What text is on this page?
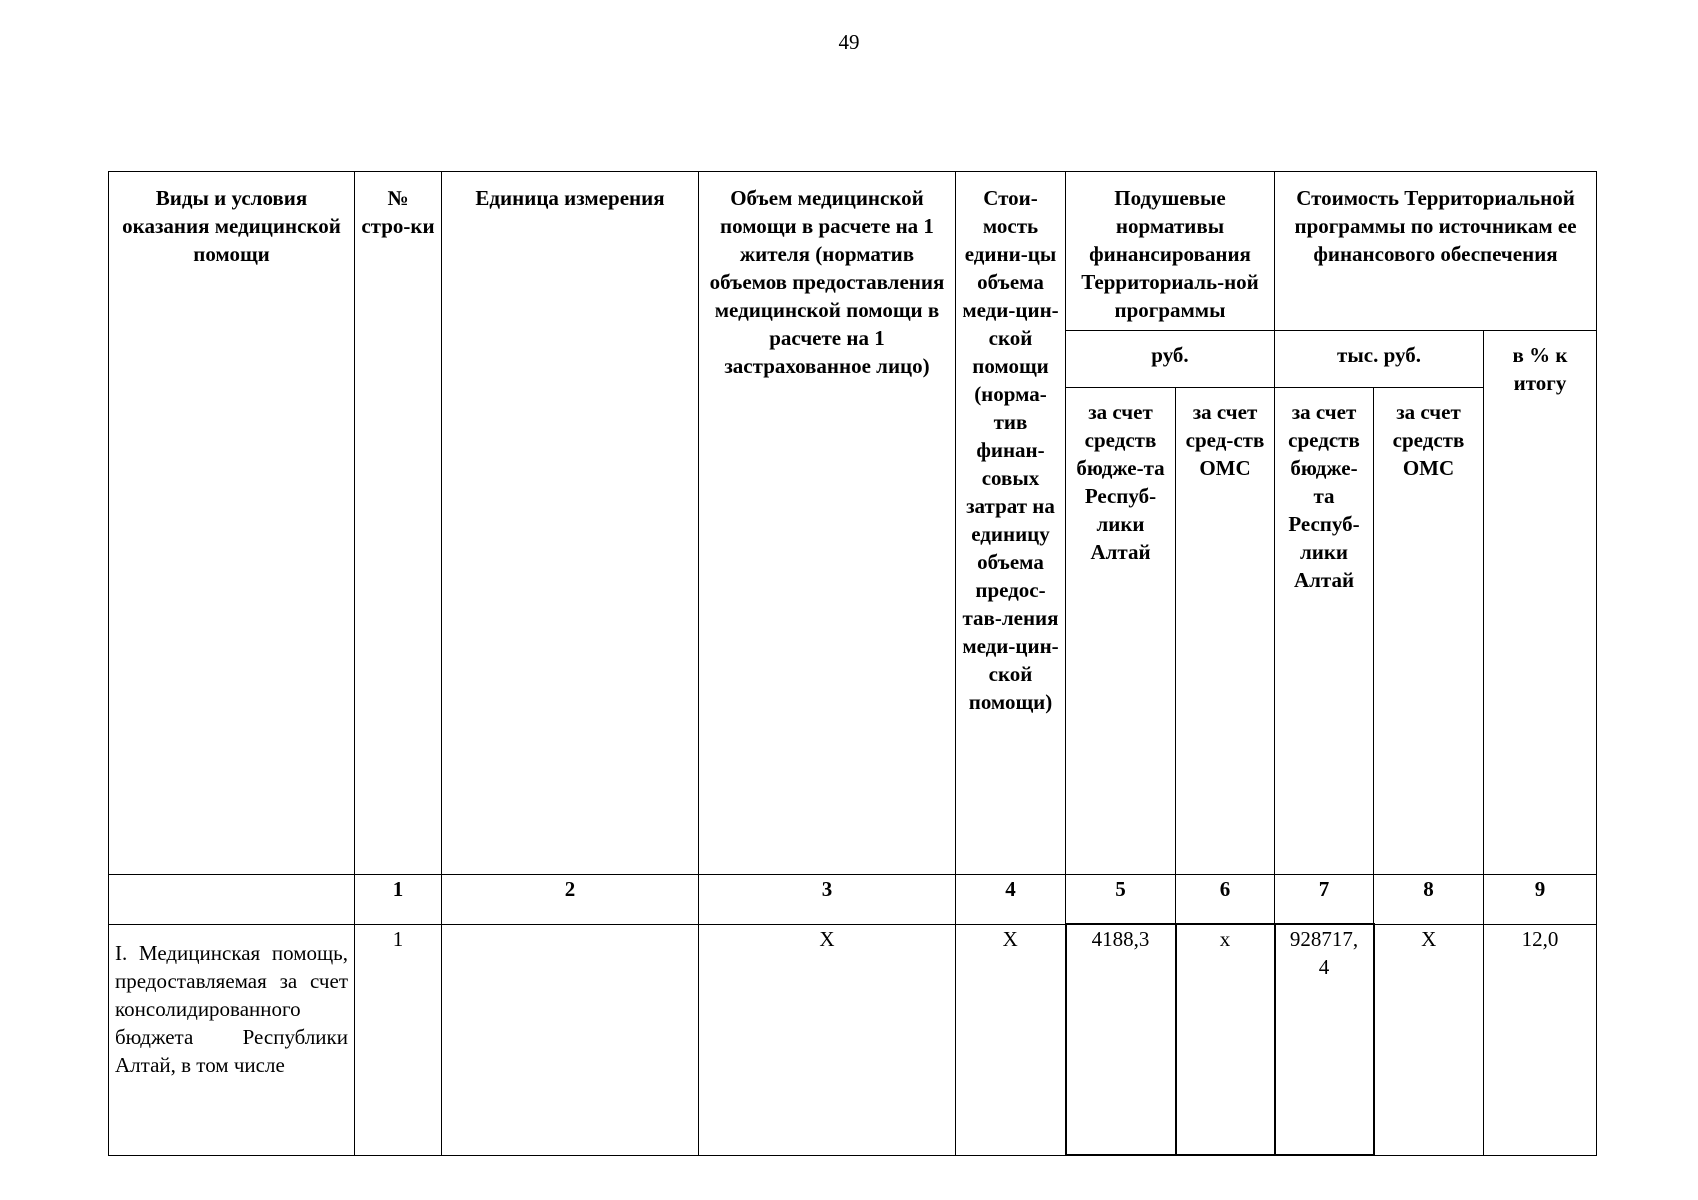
49
Виды и условия оказания медицинской помощи	№ стро-ки	Единица измерения	Объем медицинской помощи в расчете на 1 жителя (норматив объемов предоставления медицинской помощи в расчете на 1 застрахованное лицо)	Стои-мость едини-цы объема меди-цин-ской помощи (норма-тив финан-совых затрат на единицу объема предос-тав-ления меди-цин-ской помощи)	Подушевые нормативы финансирования Территориаль-ной программы		Стоимость Территориальной программы по источникам ее финансового обеспечения		
					руб.		тыс. руб.		в % к итогу
					за счет средств бюдже-та Респуб-лики Алтай	за счет сред-ств ОМС	за счет средств бюдже-та Респуб-лики Алтай	за счет средств ОМС	
	1	2	3	4	5	6	7	8	9
I. Медицинская помощь, предоставляемая за счет консолидированного бюджета Республики Алтай, в том числе	1		X	X	4188,3	x	928717, 4	X	12,0
